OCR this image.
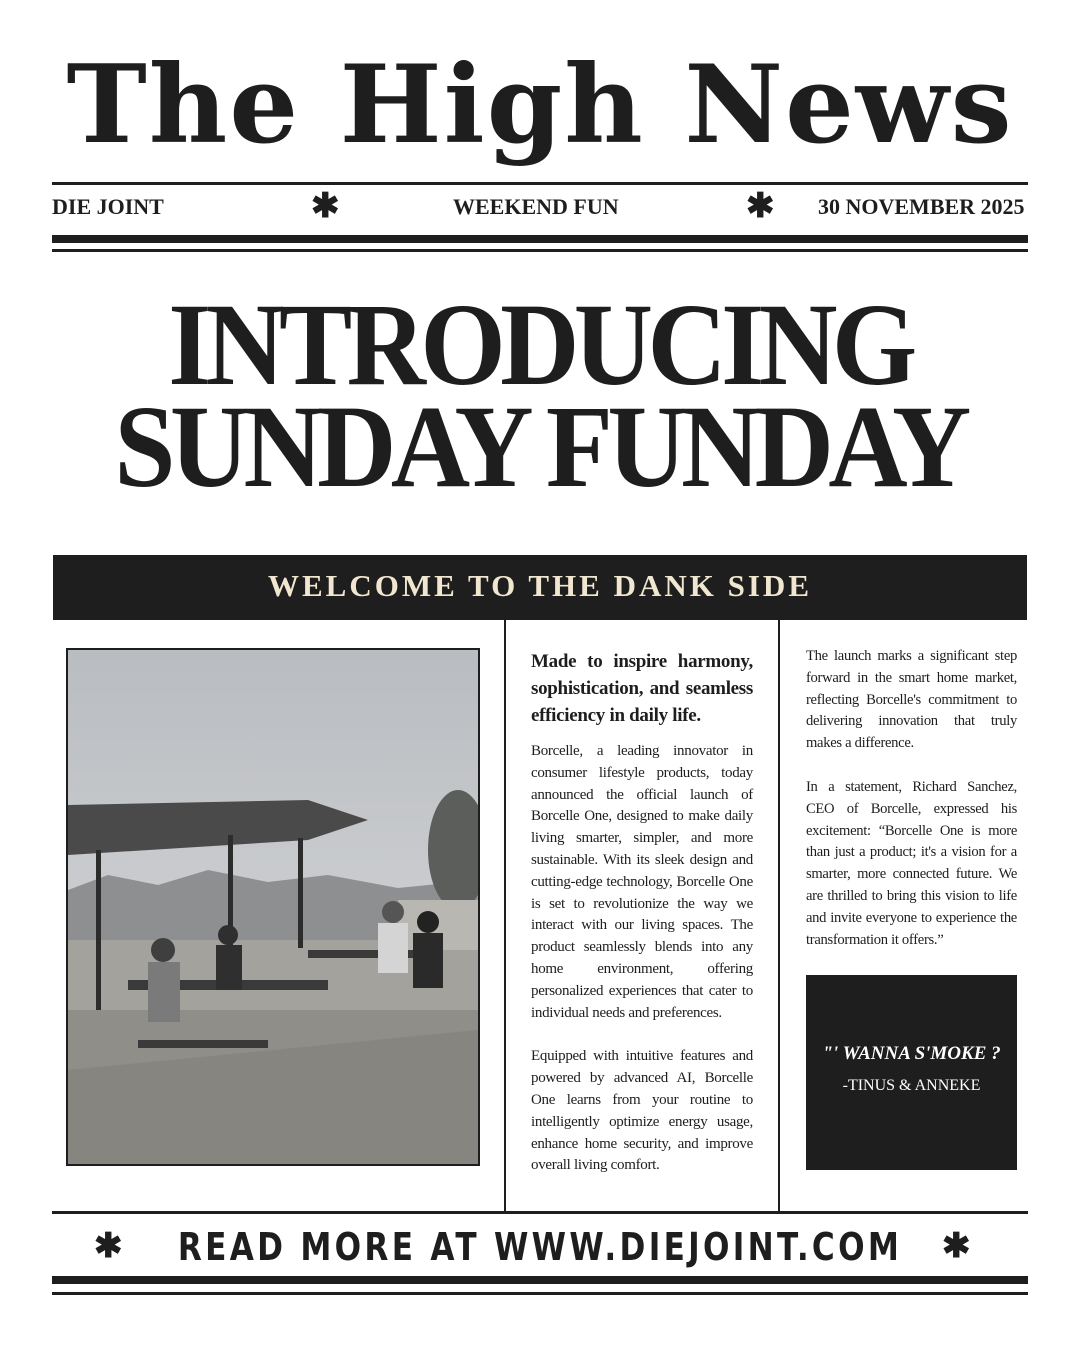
The High News
DIE JOINT	✱	WEEKEND FUN	✱ 30 NOVEMBER 2025
INTRODUCING
SUNDAY FUNDAY
WELCOME TO THE DANK SIDE
Made to inspire harmony, sophistication, and seamless efficiency in daily life.

Borcelle, a leading innovator in consumer lifestyle products, today announced the official launch of Borcelle One, designed to make daily living smarter, simpler, and more sustainable. With its sleek design and cutting-edge technology, Borcelle One is set to revolutionize the way we interact with our living spaces. The product seamlessly blends into any home environment, offering personalized experiences that cater to individual needs and preferences.

Equipped with intuitive features and powered by advanced AI, Borcelle One learns from your routine to intelligently optimize energy usage, enhance home security, and improve overall living comfort.

The launch marks a significant step forward in the smart home market, reflecting Borcelle's commitment to delivering innovation that truly makes a difference.

In a statement, Richard Sanchez, CEO of Borcelle, expressed his excitement: “Borcelle One is more than just a product; it's a vision for a smarter, more connected future. We are thrilled to bring this vision to life and invite everyone to experience the transformation it offers.”

"' WANNA S'MOKE ?
-TINUS & ANNEKE
✱	READ MORE AT WWW.DIEJOINT.COM	✱
